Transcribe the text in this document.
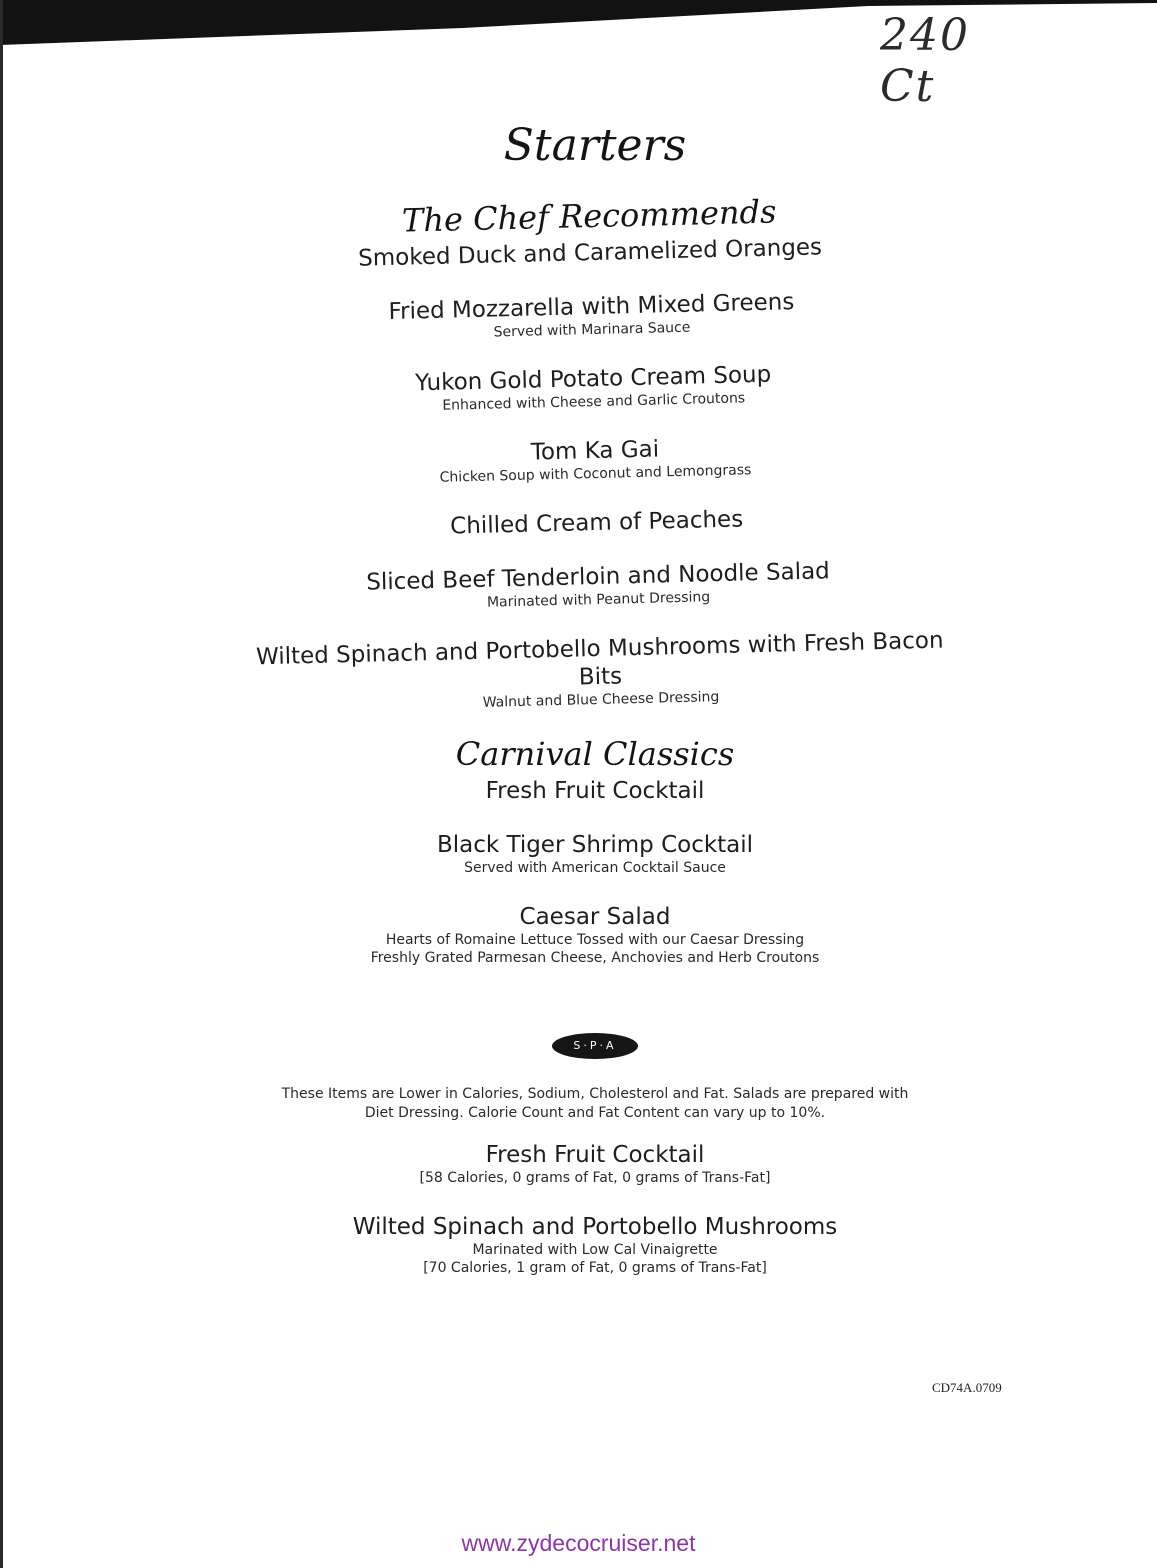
240 Ct
Starters
The Chef Recommends
Smoked Duck and Caramelized Oranges
Fried Mozzarella with Mixed Greens
Served with Marinara Sauce
Yukon Gold Potato Cream Soup
Enhanced with Cheese and Garlic Croutons
Tom Ka Gai
Chicken Soup with Coconut and Lemongrass
Chilled Cream of Peaches
Sliced Beef Tenderloin and Noodle Salad
Marinated with Peanut Dressing
Wilted Spinach and Portobello Mushrooms with Fresh Bacon Bits
Walnut and Blue Cheese Dressing
Carnival Classics
Fresh Fruit Cocktail
Black Tiger Shrimp Cocktail
Served with American Cocktail Sauce
Caesar Salad
Hearts of Romaine Lettuce Tossed with our Caesar Dressing
Freshly Grated Parmesan Cheese, Anchovies and Herb Croutons
S·P·A
These Items are Lower in Calories, Sodium, Cholesterol and Fat. Salads are prepared with
Diet Dressing. Calorie Count and Fat Content can vary up to 10%.
Fresh Fruit Cocktail
[58 Calories, 0 grams of Fat, 0 grams of Trans-Fat]
Wilted Spinach and Portobello Mushrooms
Marinated with Low Cal Vinaigrette
[70 Calories, 1 gram of Fat, 0 grams of Trans-Fat]
CD74A.0709
www.zydecocruiser.net
